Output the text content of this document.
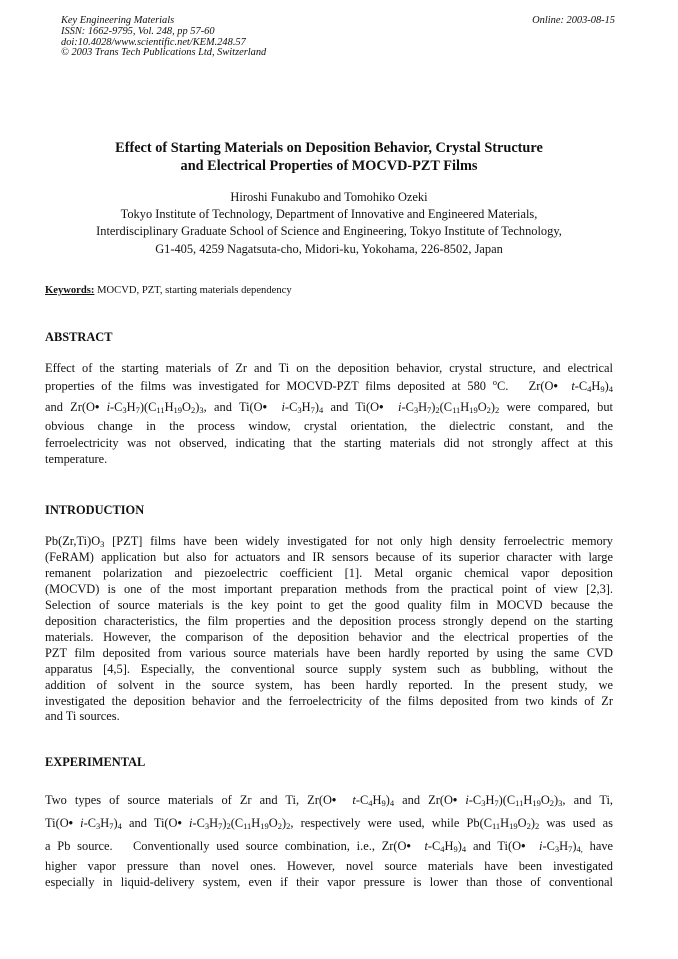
Key Engineering Materials
ISSN: 1662-9795, Vol. 248, pp 57-60
doi:10.4028/www.scientific.net/KEM.248.57
© 2003 Trans Tech Publications Ltd, Switzerland
Online: 2003-08-15
Effect of Starting Materials on Deposition Behavior, Crystal Structure
and Electrical Properties of MOCVD-PZT Films
Hiroshi Funakubo and Tomohiko Ozeki
Tokyo Institute of Technology, Department of Innovative and Engineered Materials,
Interdisciplinary Graduate School of Science and Engineering, Tokyo Institute of Technology,
G1-405, 4259 Nagatsuta-cho, Midori-ku, Yokohama, 226-8502, Japan
Keywords: MOCVD, PZT, starting materials dependency
ABSTRACT
Effect of the starting materials of Zr and Ti on the deposition behavior, crystal structure, and electrical
properties of the films was investigated for MOCVD-PZT films deposited at 580 $^o$C.   Zr(O• $t-C_4H_9)_4$
and Zr(O• $i-C_3H_7)(C_{11}H_{19}O_2)_3$, and Ti(O• $i-C_3H_7)_4$ and Ti(O• $i-C_3H_7)_2(C_{11}H_{19}O_2)_2$ were compared, but
obvious change in the process window, crystal orientation, the dielectric constant, and the
ferroelectricity was not observed, indicating that the starting materials did not strongly affect at this
temperature.
INTRODUCTION
$Pb(Zr,Ti)O_3$ [PZT] films have been widely investigated for not only high density ferroelectric memory
(FeRAM) application but also for actuators and IR sensors because of its superior character with large
remanent polarization and piezoelectric coefficient [1]. Metal organic chemical vapor deposition
(MOCVD) is one of the most important preparation methods from the practical point of view [2,3].
Selection of source materials is the key point to get the good quality film in MOCVD because the
deposition characteristics, the film properties and the deposition process strongly depend on the starting
materials. However, the comparison of the deposition behavior and the electrical properties of the
PZT film deposited from various source materials have been hardly reported by using the same CVD
apparatus [4,5]. Especially, the conventional source supply system such as bubbling, without the
addition of solvent in the source system, has been hardly reported. In the present study, we
investigated the deposition behavior and the ferroelectricity of the films deposited from two kinds of Zr
and Ti sources.
EXPERIMENTAL
Two types of source materials of Zr and Ti, Zr(O• $t-C_4H_9)_4$ and Zr(O• $i-C_3H_7)(C_{11}H_{19}O_2)_3$, and Ti,
Ti(O• $i-C_3H_7)_4$ and Ti(O• $i-C_3H_7)_2(C_{11}H_{19}O_2)_2$, respectively were used, while $Pb(C_{11}H_{19}O_2)_2$ was used as
a Pb source.   Conventionally used source combination, i.e., Zr(O• $t-C_4H_9)_4$ and Ti(O• $i-C_3H_7)_{4,}$ have
higher vapor pressure than novel ones. However, novel source materials have been investigated
especially in liquid-delivery system, even if their vapor pressure is lower than those of conventional
